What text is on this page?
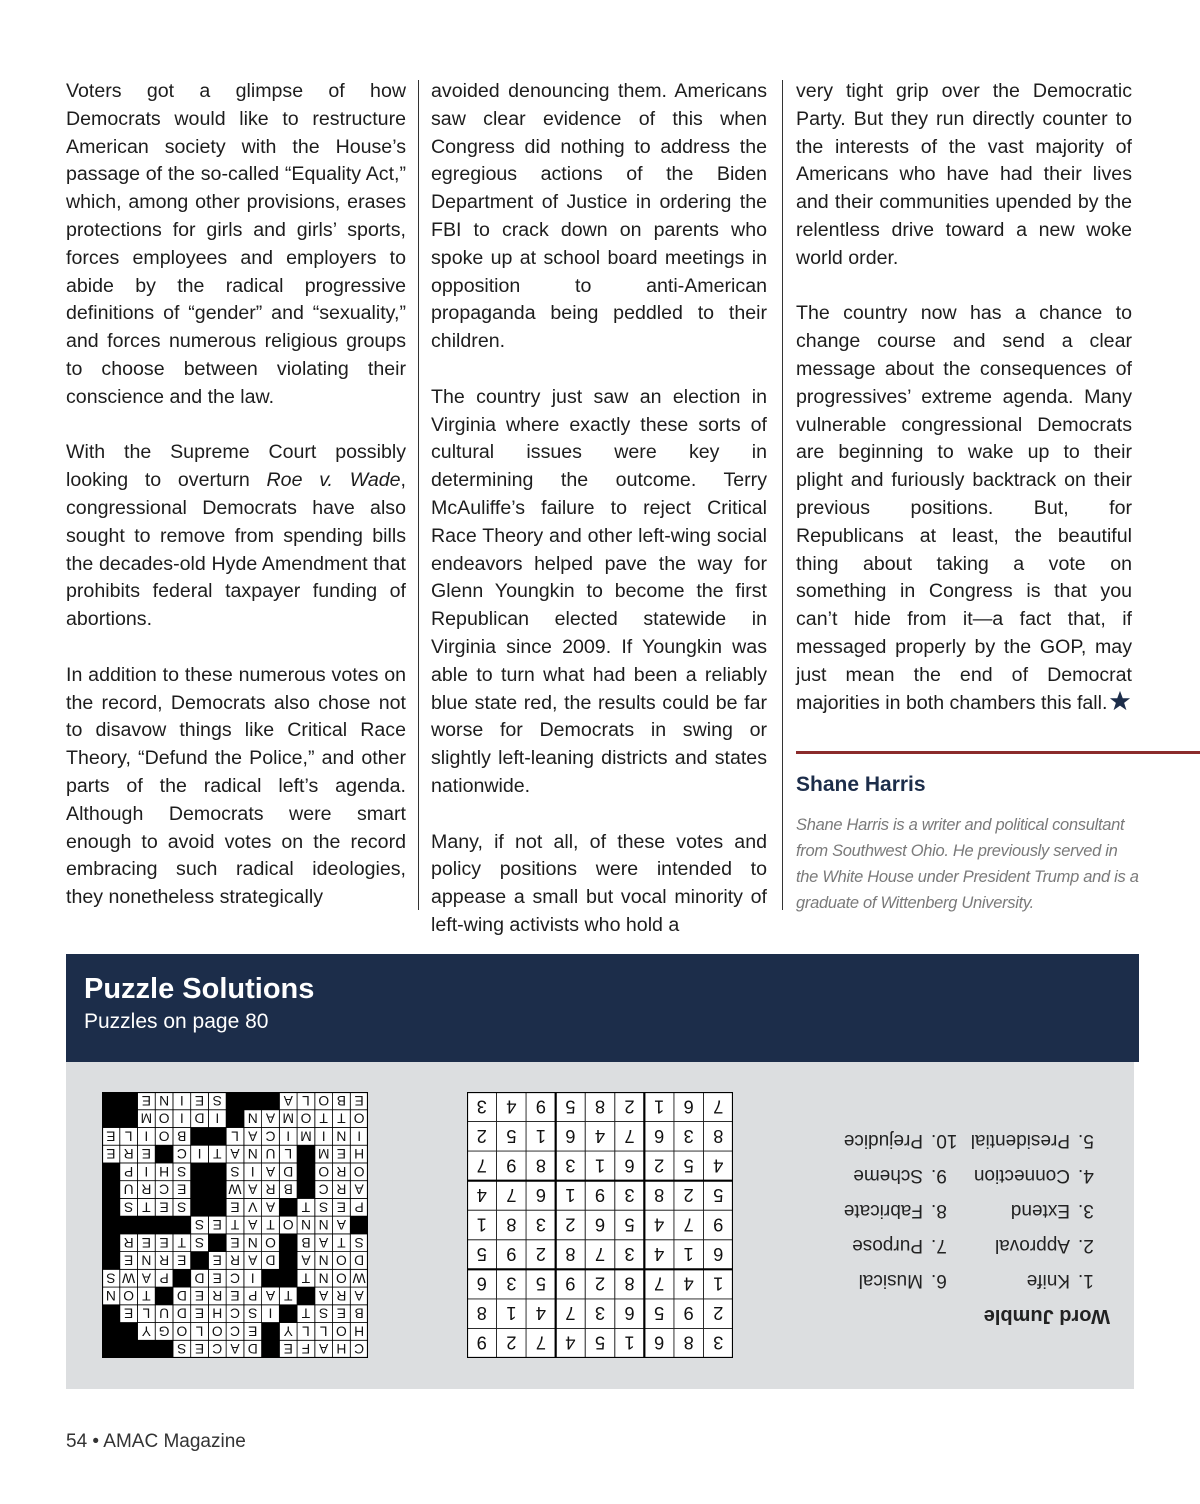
Voters got a glimpse of how Democrats would like to restructure American society with the House’s passage of the so-called “Equality Act,” which, among other provisions, erases protections for girls and girls’ sports, forces employees and employers to abide by the radical progressive definitions of “gender” and “sexuality,” and forces numerous religious groups to choose between violating their conscience and the law.

With the Supreme Court possibly looking to overturn Roe v. Wade, congressional Democrats have also sought to remove from spending bills the decades-old Hyde Amendment that prohibits federal taxpayer funding of abortions.

In addition to these numerous votes on the record, Democrats also chose not to disavow things like Critical Race Theory, “Defund the Police,” and other parts of the radical left’s agenda. Although Democrats were smart enough to avoid votes on the record embracing such radical ideologies, they nonetheless strategically

avoided denouncing them. Americans saw clear evidence of this when Congress did nothing to address the egregious actions of the Biden Department of Justice in ordering the FBI to crack down on parents who spoke up at school board meetings in opposition to anti-American propaganda being peddled to their children.

The country just saw an election in Virginia where exactly these sorts of cultural issues were key in determining the outcome. Terry McAuliffe’s failure to reject Critical Race Theory and other left-wing social endeavors helped pave the way for Glenn Youngkin to become the first Republican elected statewide in Virginia since 2009. If Youngkin was able to turn what had been a reliably blue state red, the results could be far worse for Democrats in swing or slightly left-leaning districts and states nationwide.

Many, if not all, of these votes and policy positions were intended to appease a small but vocal minority of left-wing activists who hold a

very tight grip over the Democratic Party. But they run directly counter to the interests of the vast majority of Americans who have had their lives and their communities upended by the relentless drive toward a new woke world order.

The country now has a chance to change course and send a clear message about the consequences of progressives’ extreme agenda. Many vulnerable congressional Democrats are beginning to wake up to their plight and furiously backtrack on their previous positions. But, for Republicans at least, the beautiful thing about taking a vote on something in Congress is that you can’t hide from it—a fact that, if messaged properly by the GOP, may just mean the end of Democrat majorities in both chambers this fall.

Shane Harris
Shane Harris is a writer and political consultant from Southwest Ohio. He previously served in the White House under President Trump and is a graduate of Wittenberg University.
Puzzle Solutions
Puzzles on page 80
C
H
A
F
E
D
A
C
E
S
H
O
L
L
Y
E
C
O
L
O
G
Y
B
E
S
T
I
S
C
H
E
D
U
L
E
A
R
A
T
A
P
E
R
E
D
T
O
N
W
O
N
T
I
C
E
D
P
A
W
S
D
O
N
A
D
A
R
E
E
R
N
E
S
T
A
B
O
N
E
S
T
E
E
R
A
N
N
O
T
A
T
E
S
P
E
S
T
A
V
E
S
E
T
S
A
R
C
B
R
A
W
E
C
R
U
O
R
O
D
A
I
S
S
H
I
P
H
E
M
L
U
N
A
T
I
C
E
R
E
I
N
I
M
I
C
A
L
B
O
I
L
E
O
T
T
O
M
A
N
I
D
I
O
M
E
B
O
L
A
S
E
I
N
E
3
8
6
1
5
4
7
2
9
2
9
5
6
3
7
4
1
8
1
4
7
8
2
9
5
3
6
6
1
4
3
7
8
2
9
5
9
7
4
5
6
2
3
8
1
5
2
8
3
9
1
6
7
4
4
5
2
6
1
3
8
9
7
8
3
6
7
4
6
1
5
2
7
6
1
2
8
5
9
4
3
Word Jumble
1.Knife
2.Approval
3.Extend
4.Connection
5.Presidential
6.Musical
7.Purpose
8.Fabricate
9.Scheme
10.Prejudice
54 • AMAC Magazine
